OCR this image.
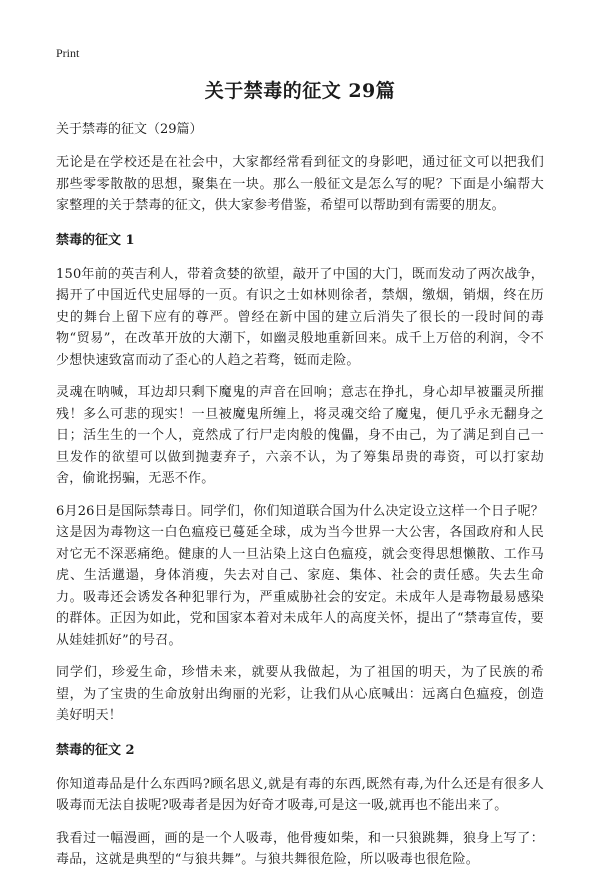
Print
关于禁毒的征文 29篇
关于禁毒的征文（29篇）

无论是在学校还是在社会中，大家都经常看到征文的身影吧，通过征文可以把我们那些零零散散的思想，聚集在一块。那么一般征文是怎么写的呢？下面是小编帮大家整理的关于禁毒的征文，供大家参考借鉴，希望可以帮助到有需要的朋友。

禁毒的征文 1

150年前的英吉利人，带着贪婪的欲望，敲开了中国的大门，既而发动了两次战争，揭开了中国近代史屈辱的一页。有识之士如林则徐者，禁烟，缴烟，销烟，终在历史的舞台上留下应有的尊严。曾经在新中国的建立后消失了很长的一段时间的毒物“贸易”，在改革开放的大潮下，如幽灵般地重新回来。成千上万倍的利润，令不少想快速致富而动了歪心的人趋之若骛，铤而走险。

灵魂在呐喊，耳边却只剩下魔鬼的声音在回响；意志在挣扎，身心却早被噩灵所摧残！多么可悲的现实！一旦被魔鬼所缠上，将灵魂交给了魔鬼，便几乎永无翻身之日；活生生的一个人，竟然成了行尸走肉般的傀儡，身不由己，为了满足到自己一旦发作的欲望可以做到抛妻弃子，六亲不认，为了筹集昂贵的毒资，可以打家劫舍，偷讹拐骗，无恶不作。

6月26日是国际禁毒日。同学们，你们知道联合国为什么决定设立这样一个日子呢？这是因为毒物这一白色瘟疫已蔓延全球，成为当今世界一大公害，各国政府和人民对它无不深恶痛绝。健康的人一旦沾染上这白色瘟疫，就会变得思想懒散、工作马虎、生活邋遢，身体消瘦，失去对自己、家庭、集体、社会的责任感。失去生命力。吸毒还会诱发各种犯罪行为，严重威胁社会的安定。未成年人是毒物最易感染的群体。正因为如此，党和国家本着对未成年人的高度关怀，提出了“禁毒宣传，要从娃娃抓好”的号召。

同学们，珍爱生命，珍惜未来，就要从我做起，为了祖国的明天，为了民族的希望，为了宝贵的生命放射出绚丽的光彩，让我们从心底喊出：远离白色瘟疫，创造美好明天！

禁毒的征文 2

你知道毒品是什么东西吗?顾名思义,就是有毒的东西,既然有毒,为什么还是有很多人吸毒而无法自拔呢?吸毒者是因为好奇才吸毒,可是这一吸,就再也不能出来了。

我看过一幅漫画，画的是一个人吸毒，他骨瘦如柴，和一只狼跳舞，狼身上写了：毒品，这就是典型的“与狼共舞”。与狼共舞很危险，所以吸毒也很危险。
